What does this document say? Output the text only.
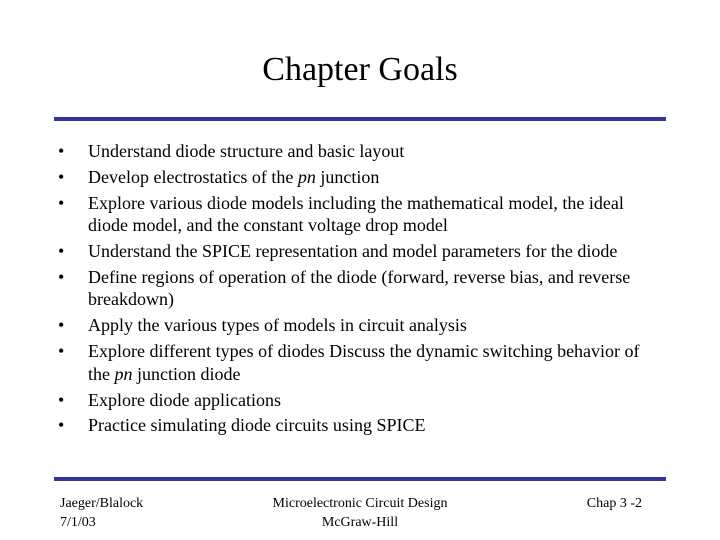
Chapter Goals
• Understand diode structure and basic layout
• Develop electrostatics of the pn junction
• Explore various diode models including the mathematical model, the ideal diode model, and the constant voltage drop model
• Understand the SPICE representation and model parameters for the diode
• Define regions of operation of the diode (forward, reverse bias, and reverse breakdown)
• Apply the various types of models in circuit analysis
• Explore different types of diodes Discuss the dynamic switching behavior of the pn junction diode
• Explore diode applications
• Practice simulating diode circuits using SPICE
Jaeger/Blalock
7/1/03
Microelectronic Circuit Design
McGraw-Hill
Chap 3 -2
